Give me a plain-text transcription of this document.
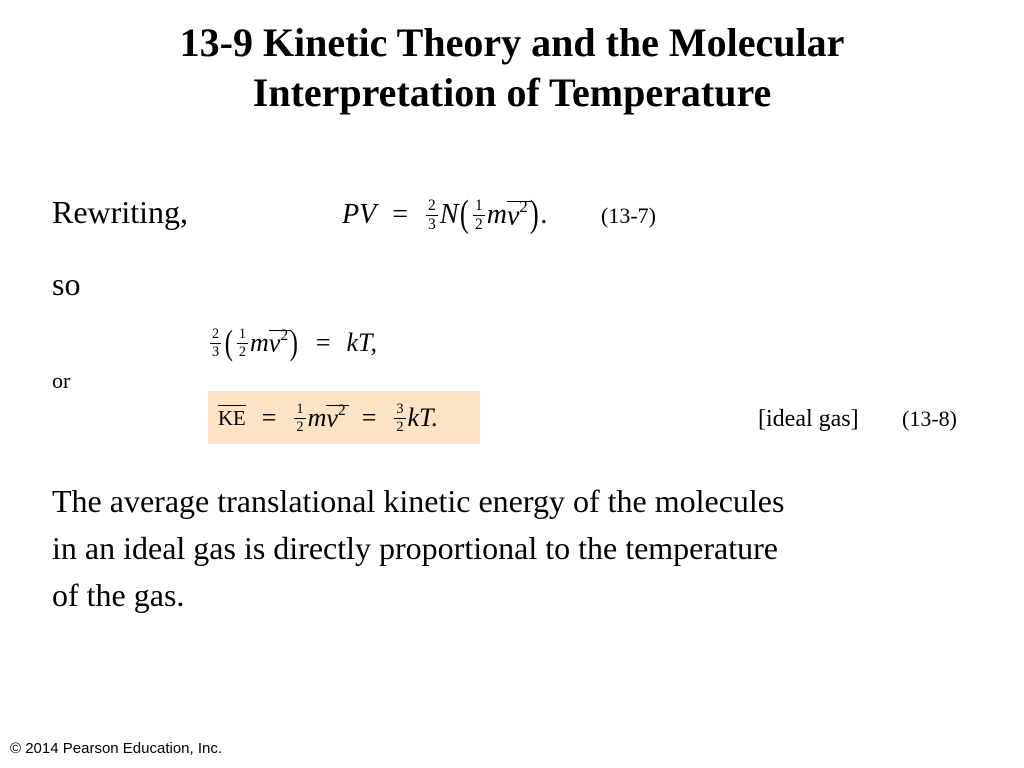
13-9 Kinetic Theory and the Molecular
Interpretation of Temperature
Rewriting,	PV = $\frac{2}{3}$ N ( $\frac{1}{2}$ m $v^2$ ) . (13-7)
so
$\frac{2}{3}$ ( $\frac{1}{2}$ m $v^2$ ) = kT,
or
KE = $\frac{1}{2}$ m $v^2 = \frac{3}{2}$ kT.	[ideal gas] (13-8)
The average translational kinetic energy of the molecules
in an ideal gas is directly proportional to the temperature
of the gas.
© 2014 Pearson Education, Inc.
